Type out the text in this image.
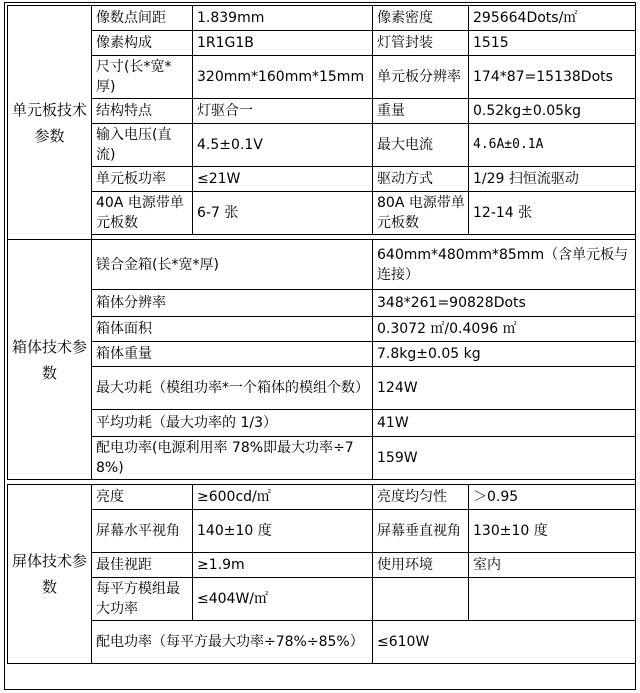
单元板技术参数	像数点间距	1.839mm	像素密度	295664Dots/㎡
	像素构成	1R1G1B	灯管封装	1515
	尺寸(长*宽*厚)	320mm*160mm*15mm	单元板分辨率	174*87=15138Dots
	结构特点	灯驱合一	重量	0.52kg±0.05kg
	输入电压(直流)	4.5±0.1V	最大电流	4.6A±0.1A
	单元板功率	≤21W	驱动方式	1/29 扫恒流驱动
	40A 电源带单元板数	6-7 张	80A 电源带单元板数	12-14 张

箱体技术参数	镁合金箱(长*宽*厚)		640mm*480mm*85mm（含单元板与连接）	
	箱体分辨率		348*261=90828Dots	
	箱体面积		0.3072 ㎡/0.4096 ㎡	
	箱体重量		7.8kg±0.05 kg	
	最大功耗（模组功率*一个箱体的模组个数）		124W	
	平均功耗（最大功率的 1/3）		41W	
	配电功率(电源利用率 78%即最大功率÷78%)		159W	

屏体技术参数	亮度	≥600cd/㎡	亮度均匀性	＞0.95
	屏幕水平视角	140±10 度	屏幕垂直视角	130±10 度
	最佳视距	≥1.9m	使用环境	室内
	每平方模组最大功率	≤404W/㎡		
	配电功率（每平方最大功率÷78%÷85%）		≤610W	
